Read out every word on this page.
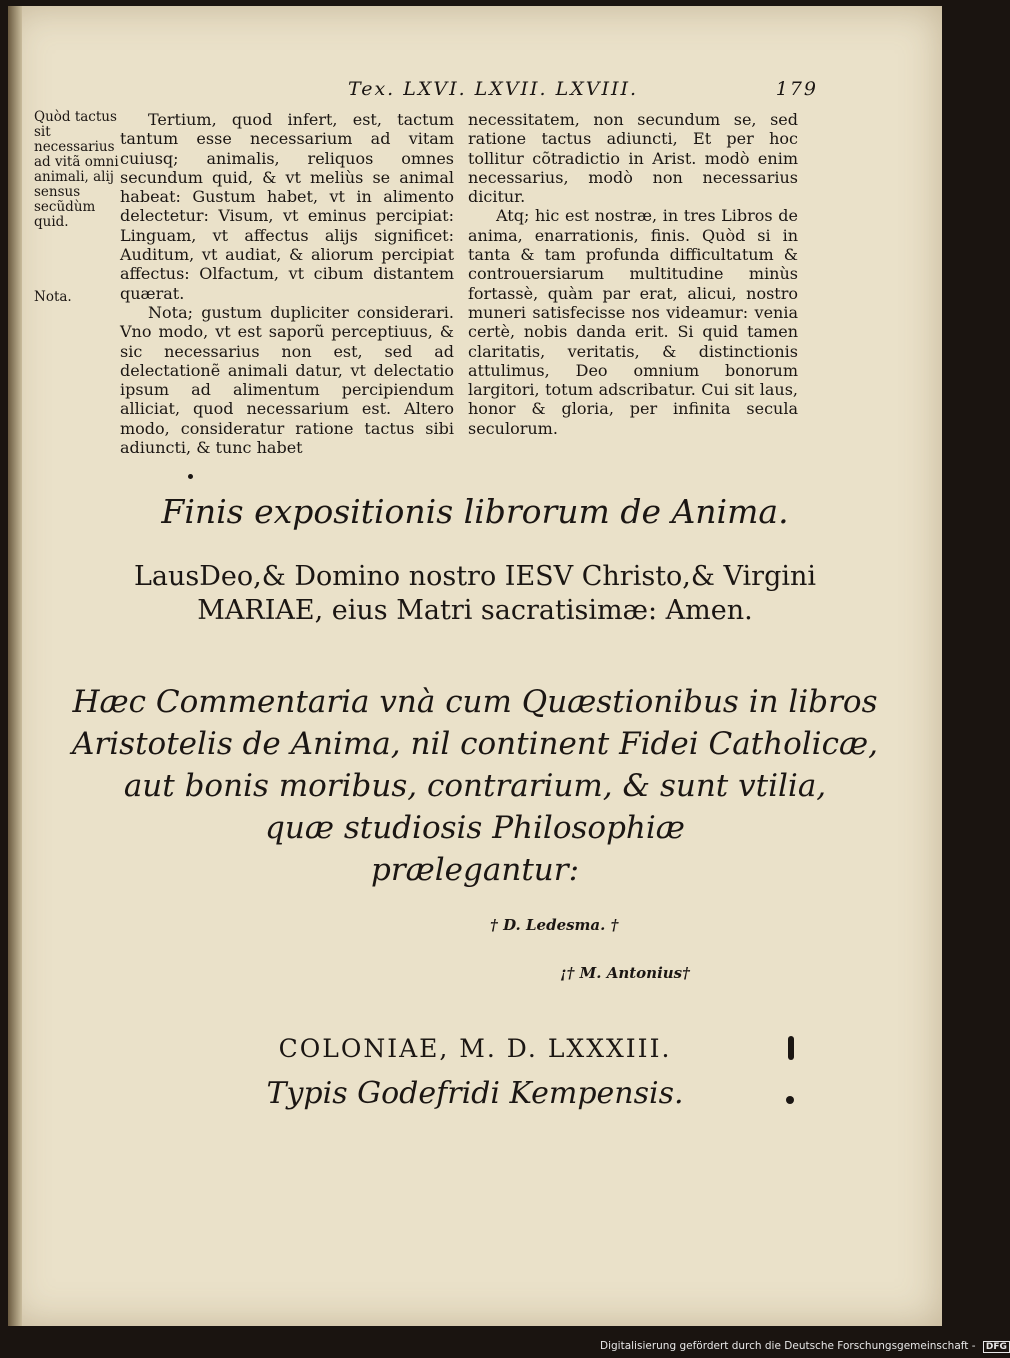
Tex. LXVI. LXVII. LXVIII.	179
Quòd tactus sit necessarius ad vitã omni animali, alij sensus secũdùm quid.
Nota.

Tertium, quod infert, est, tactum tantum esse necessarium ad vitam cuiusq; animalis, reliquos omnes secundum quid, & vt meliùs se animal habeat: Gustum habet, vt in alimento delectetur: Visum, vt eminus percipiat: Linguam, vt affectus alijs significet: Auditum, vt audiat, & aliorum percipiat affectus: Olfactum, vt cibum distantem quærat.

Nota; gustum dupliciter considerari. Vno modo, vt est saporũ perceptiuus, & sic necessarius non est, sed ad delectationẽ animali datur, vt delectatio ipsum ad alimentum percipiendum alliciat, quod necessarium est. Altero modo, consideratur ratione tactus sibi adiuncti, & tunc habet

necessitatem, non secundum se, sed ratione tactus adiuncti, Et per hoc tollitur cõtradictio in Arist. modò enim necessarius, modò non necessarius dicitur.

Atq; hic est nostræ, in tres Libros de anima, enarrationis, finis. Quòd si in tanta & tam profunda difficultatum & controuersiarum multitudine minùs fortassè, quàm par erat, alicui, nostro muneri satisfecisse nos videamur: venia certè, nobis danda erit. Si quid tamen claritatis, veritatis, & distinctionis attulimus, Deo omnium bonorum largitori, totum adscribatur. Cui sit laus, honor & gloria, per infinita secula seculorum.

Finis expositionis librorum de Anima.
LausDeo,& Domino nostro IESV Christo,& Virgini
MARIAE, eius Matri sacratisimæ: Amen.
Hæc Commentaria vnà cum Quæstionibus in libros
Aristotelis de Anima, nil continent Fidei Catholicæ,
aut bonis moribus, contrarium, & sunt vtilia,
quæ studiosis Philosophiæ
prælegantur:
† D. Ledesma. †
¡† M. Antonius†
COLONIAE, M. D. LXXXIII.
Typis Godefridi Kempensis.
Digitalisierung gefördert durch die Deutsche Forschungsgemeinschaft - DFG
